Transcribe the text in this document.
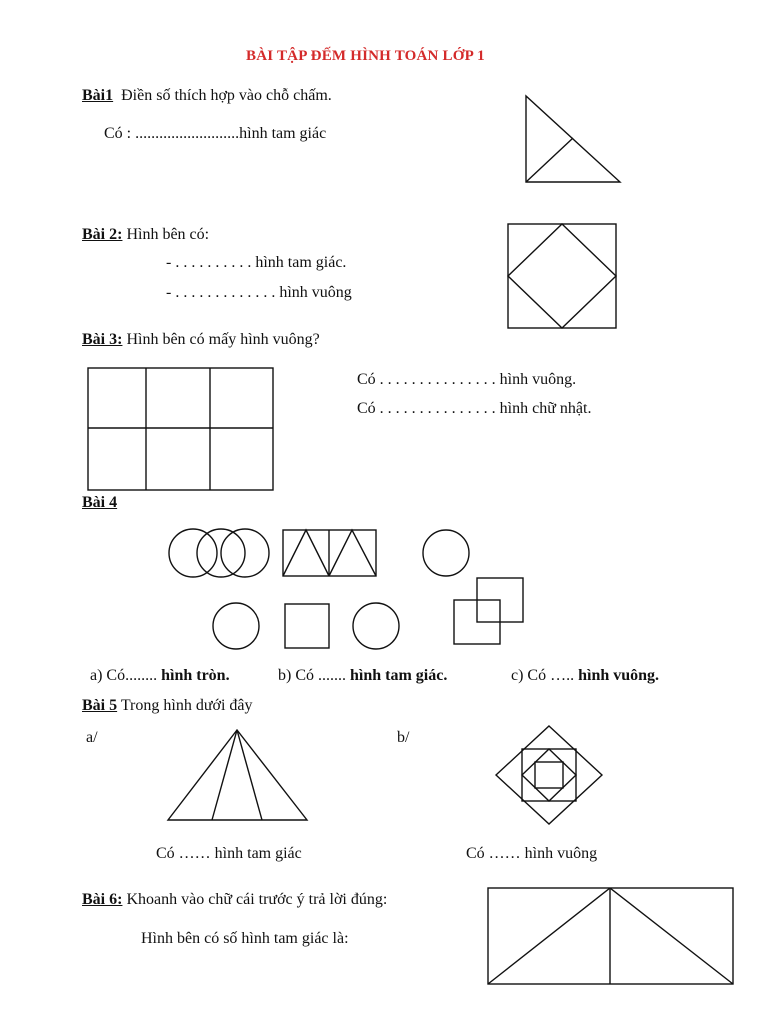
BÀI TẬP ĐẾM HÌNH TOÁN LỚP 1
Bài1 Điền số thích hợp vào chỗ chấm.
Có : ..........................hình tam giác
Bài 2: Hình bên có:
- . . . . . . . . . . hình tam giác.
- . . . . . . . . . . . . . hình vuông
Bài 3: Hình bên có mấy hình vuông?
Có . . . . . . . . . . . . . . . hình vuông.
Có . . . . . . . . . . . . . . . hình chữ nhật.
Bài 4
a) Có........ hình tròn.	b) Có ....... hình tam giác.	c) Có ….. hình vuông.
Bài 5 Trong hình dưới đây
a/	b/
Có …… hình tam giác	Có …… hình vuông
Bài 6: Khoanh vào chữ cái trước ý trả lời đúng:
Hình bên có số hình tam giác là:
